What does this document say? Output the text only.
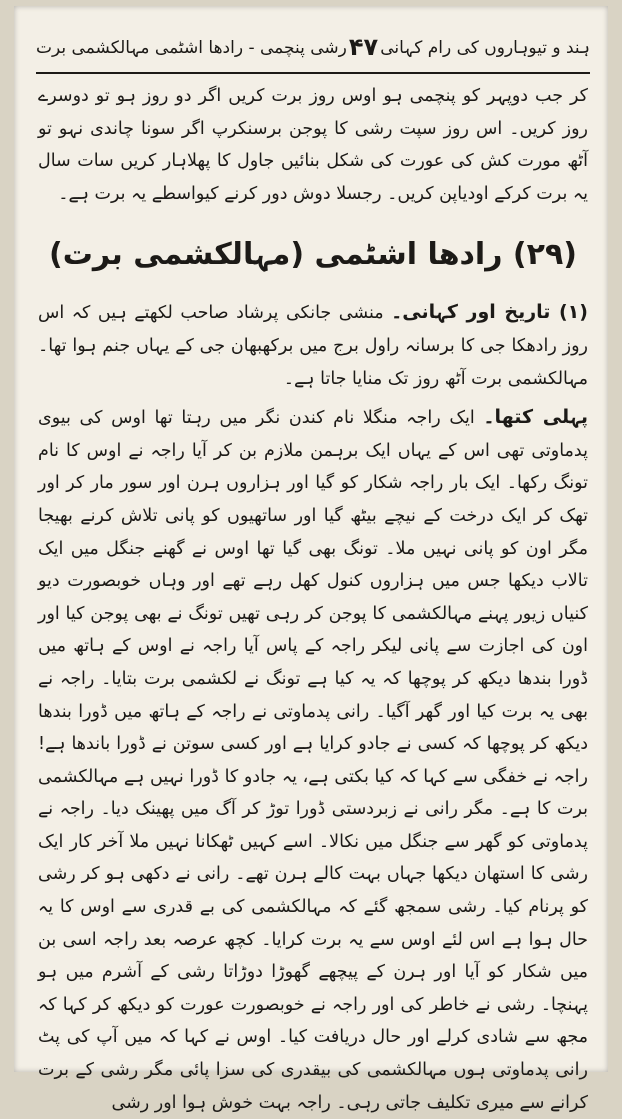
ہند و تیوہاروں کی رام کہانی
۴۷
رشی پنچمی - رادھا اشٹمی مہالکشمی برت

کر جب دوپہر کو پنچمی ہو اوس روز برت کریں اگر دو روز ہو تو دوسرے روز کریں۔ اس روز سپت رشی کا پوجن برسنکرپ اگر سونا چاندی نہو تو آٹھ مورت کش کی عورت کی شکل بنائیں جاول کا پھلاہار کریں سات سال یہ برت کرکے اودیاپن کریں۔ رجسلا دوش دور کرنے کیواسطے یہ برت ہے۔

(۲۹) رادھا اشٹمی (مہالکشمی برت)

(۱) تاریخ اور کہانی۔ منشی جانکی پرشاد صاحب لکھتے ہیں کہ اس روز رادھکا جی کا برسانہ راول برج میں برکھبھان جی کے یہاں جنم ہوا تھا۔ مہالکشمی برت آٹھ روز تک منایا جاتا ہے۔

پہلی کتھا۔ ایک راجہ منگلا نام کندن نگر میں رہتا تھا اوس کی بیوی پدماوتی تھی اس کے یہاں ایک برہمن ملازم بن کر آیا راجہ نے اوس کا نام تونگ رکھا۔ ایک بار راجہ شکار کو گیا اور ہزاروں ہرن اور سور مار کر اور تھک کر ایک درخت کے نیچے بیٹھ گیا اور ساتھیوں کو پانی تلاش کرنے بھیجا مگر اون کو پانی نہیں ملا۔ تونگ بھی گیا تھا اوس نے گھنے جنگل میں ایک تالاب دیکھا جس میں ہزاروں کنول کھل رہے تھے اور وہاں خوبصورت دیو کنیاں زیور پہنے مہالکشمی کا پوجن کر رہی تھیں تونگ نے بھی پوجن کیا اور اون کی اجازت سے پانی لیکر راجہ کے پاس آیا راجہ نے اوس کے ہاتھ میں ڈورا بندھا دیکھ کر پوچھا کہ یہ کیا ہے تونگ نے لکشمی برت بتایا۔ راجہ نے بھی یہ برت کیا اور گھر آگیا۔ رانی پدماوتی نے راجہ کے ہاتھ میں ڈورا بندھا دیکھ کر پوچھا کہ کسی نے جادو کرایا ہے اور کسی سوتن نے ڈورا باندھا ہے! راجہ نے خفگی سے کہا کہ کیا بکتی ہے، یہ جادو کا ڈورا نہیں ہے مہالکشمی برت کا ہے۔ مگر رانی نے زبردستی ڈورا توڑ کر آگ میں پھینک دیا۔ راجہ نے پدماوتی کو گھر سے جنگل میں نکالا۔ اسے کہیں ٹھکانا نہیں ملا آخر کار ایک رشی کا استھان دیکھا جہاں بہت کالے ہرن تھے۔ رانی نے دکھی ہو کر رشی کو پرنام کیا۔ رشی سمجھ گئے کہ مہالکشمی کی بے قدری سے اوس کا یہ حال ہوا ہے اس لئے اوس سے یہ برت کرایا۔ کچھ عرصہ بعد راجہ اسی بن میں شکار کو آیا اور ہرن کے پیچھے گھوڑا دوڑاتا رشی کے آشرم میں ہو پہنچا۔ رشی نے خاطر کی اور راجہ نے خوبصورت عورت کو دیکھ کر کہا کہ مجھ سے شادی کرلے اور حال دریافت کیا۔ اوس نے کہا کہ میں آپ کی پٹ رانی پدماوتی ہوں مہالکشمی کی بیقدری کی سزا پائی مگر رشی کے برت کرانے سے میری تکلیف جاتی رہی۔ راجہ بہت خوش ہوا اور رشی
